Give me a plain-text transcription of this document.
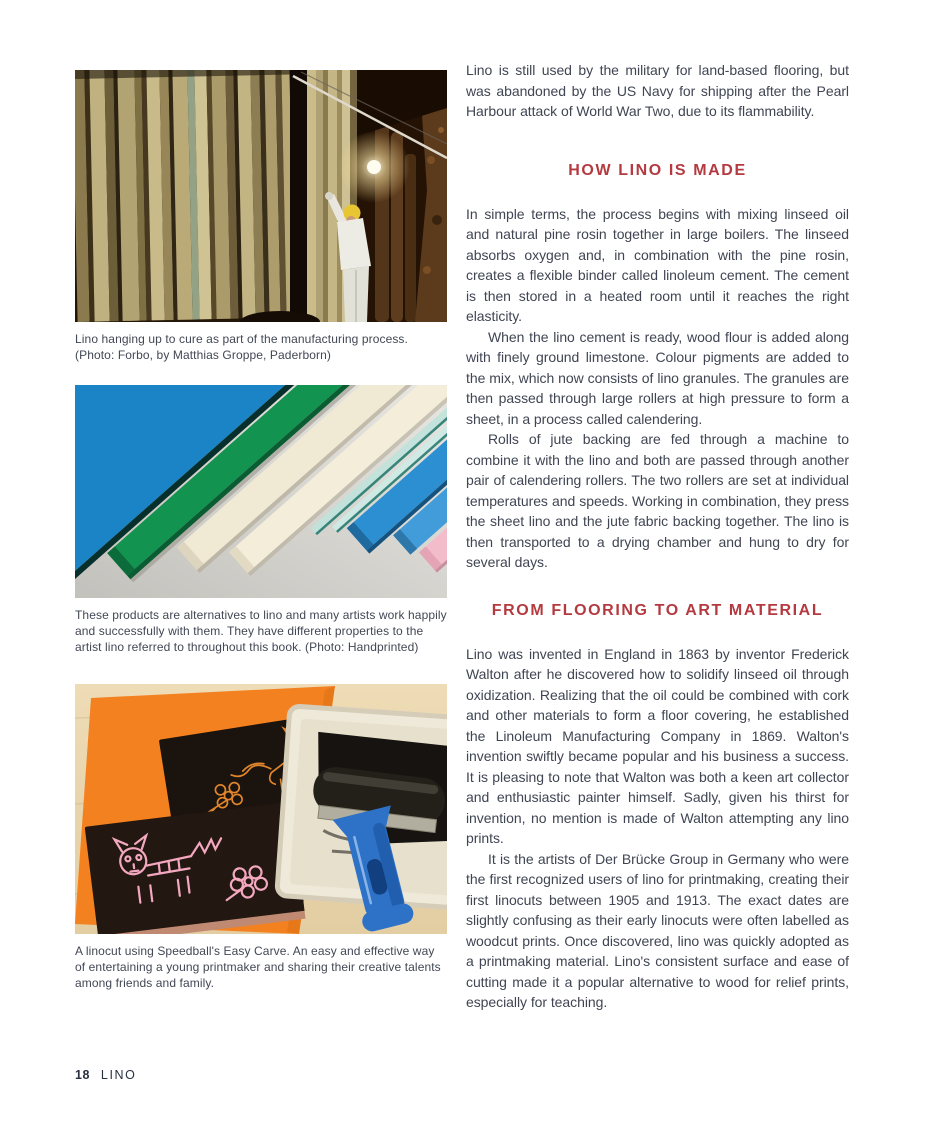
Lino hanging up to cure as part of the manufacturing process. (Photo: Forbo, by Matthias Groppe, Paderborn)
These products are alternatives to lino and many artists work happily and successfully with them. They have different properties to the artist lino referred to throughout this book. (Photo: Handprinted)
A linocut using Speedball's Easy Carve. An easy and effective way of entertaining a young printmaker and sharing their creative talents among friends and family.

Lino is still used by the military for land-based flooring, but was abandoned by the US Navy for shipping after the Pearl Harbour attack of World War Two, due to its flammability.

HOW LINO IS MADE

In simple terms, the process begins with mixing linseed oil and natural pine rosin together in large boilers. The linseed absorbs oxygen and, in combination with the pine rosin, creates a flexible binder called linoleum cement. The cement is then stored in a heated room until it reaches the right elasticity.

When the lino cement is ready, wood flour is added along with finely ground limestone. Colour pigments are added to the mix, which now consists of lino granules. The granules are then passed through large rollers at high pressure to form a sheet, in a process called calendering.

Rolls of jute backing are fed through a machine to combine it with the lino and both are passed through another pair of calendering rollers. The two rollers are set at individual temperatures and speeds. Working in combination, they press the sheet lino and the jute fabric backing together. The lino is then transported to a drying chamber and hung to dry for several days.

FROM FLOORING TO ART MATERIAL

Lino was invented in England in 1863 by inventor Frederick Walton after he discovered how to solidify linseed oil through oxidization. Realizing that the oil could be combined with cork and other materials to form a floor covering, he established the Linoleum Manufacturing Company in 1869. Walton's invention swiftly became popular and his business a success. It is pleasing to note that Walton was both a keen art collector and enthusiastic painter himself. Sadly, given his thirst for invention, no mention is made of Walton attempting any lino prints.

It is the artists of Der Brücke Group in Germany who were the first recognized users of lino for printmaking, creating their first linocuts between 1905 and 1913. The exact dates are slightly confusing as their early linocuts were often labelled as woodcut prints. Once discovered, lino was quickly adopted as a printmaking material. Lino's consistent surface and ease of cutting made it a popular alternative to wood for relief prints, especially for teaching.

18 LINO
